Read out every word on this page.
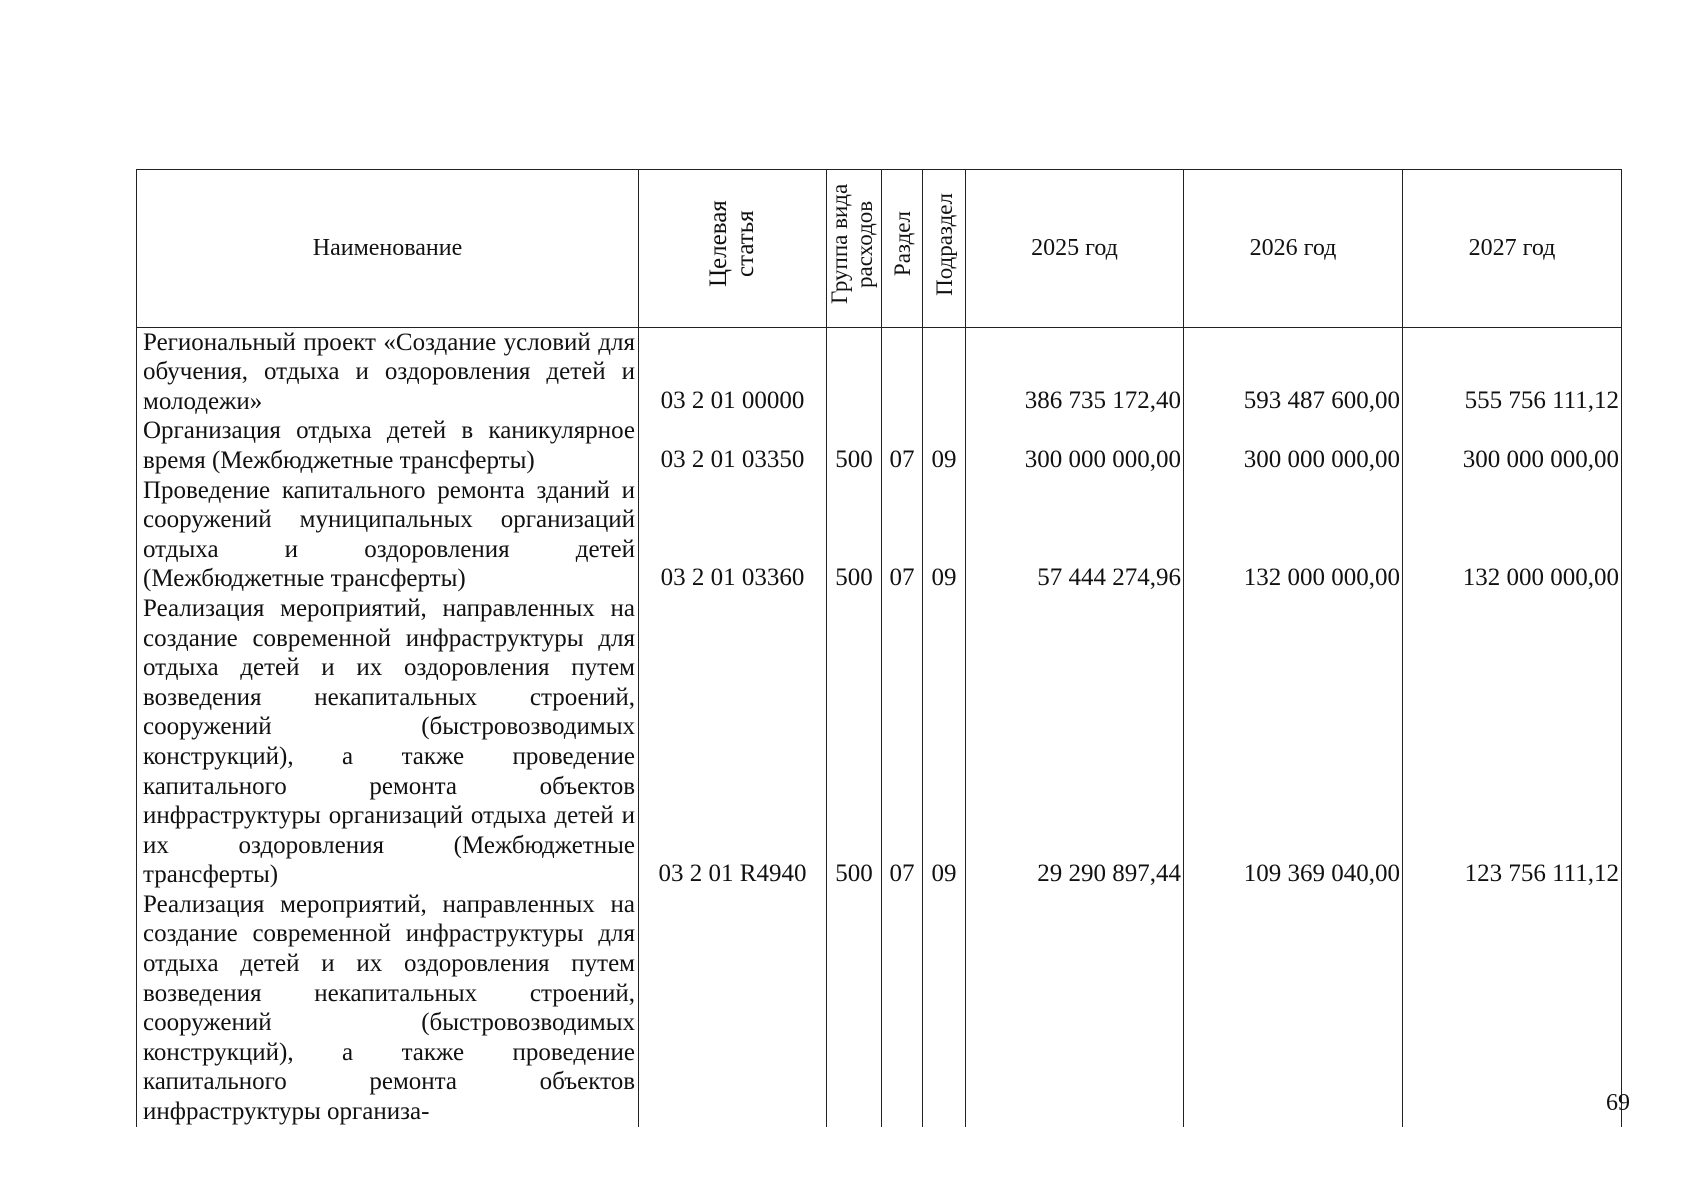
Наименование	Целевая статья	Группа вида расходов	Раздел	Подраздел	2025 год	2026 год	2027 год
Региональный проект «Создание условий для обучения, отдыха и оздоровления детей и молодежи»	03 2 01 00000				386 735 172,40	593 487 600,00	555 756 111,12
Организация отдыха детей в каникулярное время (Межбюджетные трансферты)	03 2 01 03350	500	07	09	300 000 000,00	300 000 000,00	300 000 000,00
Проведение капитального ремонта зданий и сооружений муниципальных организаций отдыха и оздоровления детей (Межбюджетные трансферты)	03 2 01 03360	500	07	09	57 444 274,96	132 000 000,00	132 000 000,00
Реализация мероприятий, направленных на создание современной инфраструктуры для отдыха детей и их оздоровления путем возведения некапитальных строений, сооружений (быстровозводимых конструкций), а также проведение капитального ремонта объектов инфраструктуры организаций отдыха детей и их оздоровления (Межбюджетные трансферты)	03 2 01 R4940	500	07	09	29 290 897,44	109 369 040,00	123 756 111,12
Реализация мероприятий, направленных на создание современной инфраструктуры для отдыха детей и их оздоровления путем возведения некапитальных строений, сооружений (быстровозводимых конструкций), а также проведение капитального ремонта объектов инфраструктуры организа-								69
